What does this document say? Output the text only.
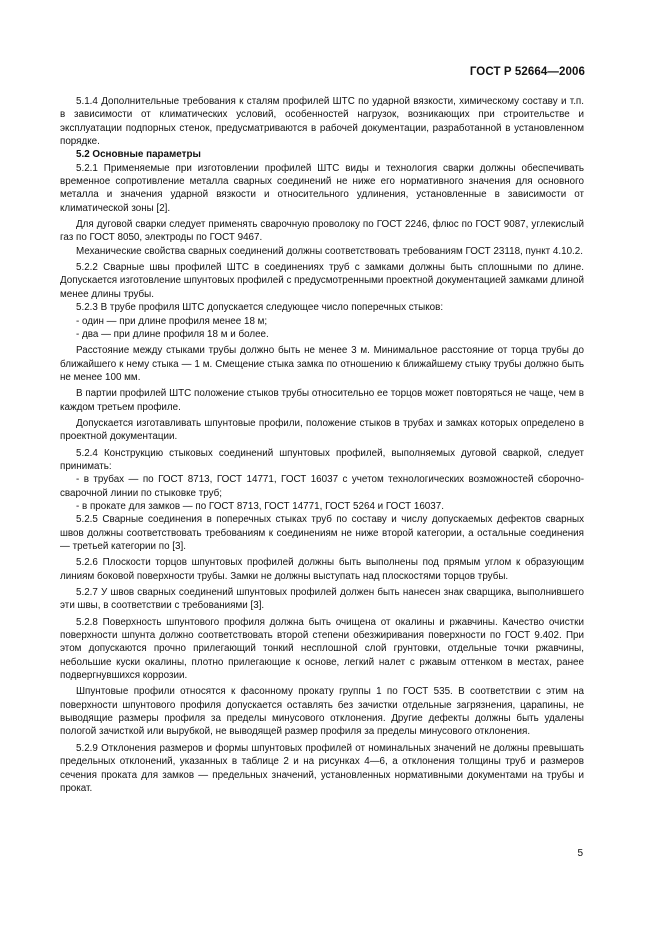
ГОСТ Р 52664—2006

5.1.4 Дополнительные требования к сталям профилей ШТС по ударной вязкости, химическому составу и т.п. в зависимости от климатических условий, особенностей нагрузок, возникающих при строительстве и эксплуатации подпорных стенок, предусматриваются в рабочей документации, разработанной в установленном порядке.

5.2 Основные параметры

5.2.1 Применяемые при изготовлении профилей ШТС виды и технология сварки должны обеспечивать временное сопротивление металла сварных соединений не ниже его нормативного значения для основного металла и значения ударной вязкости и относительного удлинения, установленные в зависимости от климатической зоны [2].

Для дуговой сварки следует применять сварочную проволоку по ГОСТ 2246, флюс по ГОСТ 9087, углекислый газ по ГОСТ 8050, электроды по ГОСТ 9467.

Механические свойства сварных соединений должны соответствовать требованиям ГОСТ 23118, пункт 4.10.2.

5.2.2 Сварные швы профилей ШТС в соединениях труб с замками должны быть сплошными по длине. Допускается изготовление шпунтовых профилей с предусмотренными проектной документацией замками длиной менее длины трубы.

5.2.3 В трубе профиля ШТС допускается следующее число поперечных стыков:

- один — при длине профиля менее 18 м;

- два — при длине профиля 18 м и более.

Расстояние между стыками трубы должно быть не менее 3 м. Минимальное расстояние от торца трубы до ближайшего к нему стыка — 1 м. Смещение стыка замка по отношению к ближайшему стыку трубы должно быть не менее 100 мм.

В партии профилей ШТС положение стыков трубы относительно ее торцов может повторяться не чаще, чем в каждом третьем профиле.

Допускается изготавливать шпунтовые профили, положение стыков в трубах и замках которых определено в проектной документации.

5.2.4 Конструкцию стыковых соединений шпунтовых профилей, выполняемых дуговой сваркой, следует принимать:

- в трубах — по ГОСТ 8713, ГОСТ 14771, ГОСТ 16037 с учетом технологических возможностей сборочно-сварочной линии по стыковке труб;

- в прокате для замков — по ГОСТ 8713, ГОСТ 14771, ГОСТ 5264 и ГОСТ 16037.

5.2.5 Сварные соединения в поперечных стыках труб по составу и числу допускаемых дефектов сварных швов должны соответствовать требованиям к соединениям не ниже второй категории, а остальные соединения — третьей категории по [3].

5.2.6 Плоскости торцов шпунтовых профилей должны быть выполнены под прямым углом к образующим линиям боковой поверхности трубы. Замки не должны выступать над плоскостями торцов трубы.

5.2.7 У швов сварных соединений шпунтовых профилей должен быть нанесен знак сварщика, выполнившего эти швы, в соответствии с требованиями [3].

5.2.8 Поверхность шпунтового профиля должна быть очищена от окалины и ржавчины. Качество очистки поверхности шпунта должно соответствовать второй степени обезжиривания поверхности по ГОСТ 9.402. При этом допускаются прочно прилегающий тонкий несплошной слой грунтовки, отдельные точки ржавчины, небольшие куски окалины, плотно прилегающие к основе, легкий налет с ржавым оттенком в местах, ранее подвергнувшихся коррозии.

Шпунтовые профили относятся к фасонному прокату группы 1 по ГОСТ 535. В соответствии с этим на поверхности шпунтового профиля допускается оставлять без зачистки отдельные загрязнения, царапины, не выводящие размеры профиля за пределы минусового отклонения. Другие дефекты должны быть удалены пологой зачисткой или вырубкой, не выводящей размер профиля за пределы минусового отклонения.

5.2.9 Отклонения размеров и формы шпунтовых профилей от номинальных значений не должны превышать предельных отклонений, указанных в таблице 2 и на рисунках 4—6, а отклонения толщины труб и размеров сечения проката для замков — предельных значений, установленных нормативными документами на трубы и прокат.

5
